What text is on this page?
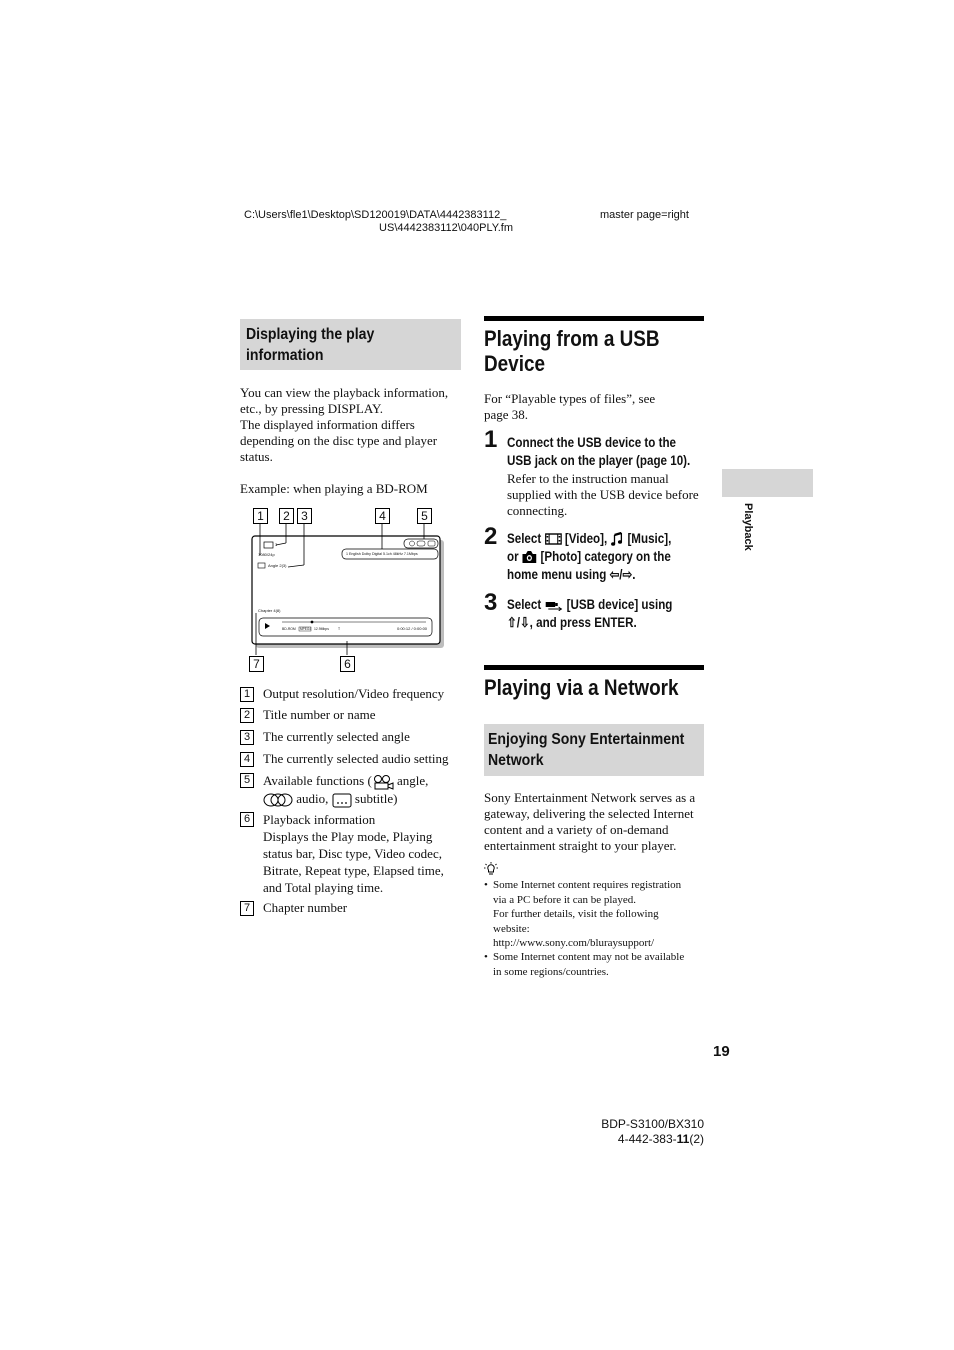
C:\Users\fle1\Desktop\SD120019\DATA\4442383112_
US\4442383112\040PLY.fm
master page=right
Displaying the play
information
You can view the playback information,
etc., by pressing DISPLAY.
The displayed information differs
depending on the disc type and player
status.
Example: when playing a BD-ROM
1	2 3	4	5
7	6
1080/24p
3
Angle 2(3)
1 English Dolby Digital 5.1ch 48kHz 7.1Mbps
Chapter 4(8)
BD-ROM MPEG4 12.9Mbps	T	0:00:12 / 0:00:00
1 Output resolution/Video frequency
2 Title number or name
3 The currently selected angle
4 The currently selected audio setting
5 Available functions ( angle,
audio,  subtitle)
6 Playback information
Displays the Play mode, Playing
status bar, Disc type, Video codec,
Bitrate, Repeat type, Elapsed time,
and Total playing time.
7 Chapter number
Playing from a USB
Device
For “Playable types of files”, see
page 38.
1 Connect the USB device to the
USB jack on the player (page 10).
Refer to the instruction manual
supplied with the USB device before
connecting.
2 Select  [Video],  [Music],
or  [Photo] category on the
home menu using ⇦/⇨.
3 Select  [USB device] using
⇧/⇩, and press ENTER.
Playing via a Network
Enjoying Sony Entertainment
Network
Sony Entertainment Network serves as a
gateway, delivering the selected Internet
content and a variety of on-demand
entertainment straight to your player.
• Some Internet content requires registration
via a PC before it can be played.
For further details, visit the following
website:
http://www.sony.com/bluraysupport/
• Some Internet content may not be available
in some regions/countries.
Playback
19
BDP-S3100/BX310
4-442-383-11(2)
